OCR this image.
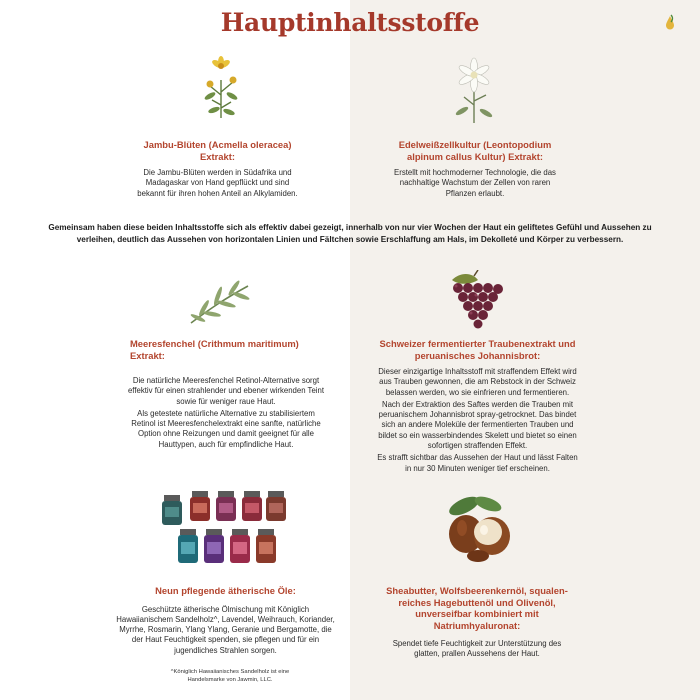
Hauptinhaltsstoffe
Jambu-Blüten (Acmella oleracea) Extrakt:
Die Jambu-Blüten werden in Südafrika und Madagaskar von Hand gepflückt und sind bekannt für ihren hohen Anteil an Alkylamiden.
Edelweißzellkultur (Leontopodium alpinum callus Kultur) Extrakt:
Erstellt mit hochmoderner Technologie, die das nachhaltige Wachstum der Zellen von raren Pflanzen erlaubt.
Gemeinsam haben diese beiden Inhaltsstoffe sich als effektiv dabei gezeigt, innerhalb von nur vier Wochen der Haut ein geliftetes Gefühl und Aussehen zu verleihen, deutlich das Aussehen von horizontalen Linien und Fältchen sowie Erschlaffung am Hals, im Dekolleté und Körper zu verbessern.
Meeresfenchel (Crithmum maritimum) Extrakt:
Die natürliche Meeresfenchel Retinol-Alternative sorgt effektiv für einen strahlender und ebener wirkenden Teint sowie für weniger raue Haut.
Als getestete natürliche Alternative zu stabilisiertem Retinol ist Meeresfenchelextrakt eine sanfte, natürliche Option ohne Reizungen und damit geeignet für alle Hauttypen, auch für empfindliche Haut.
Schweizer fermentierter Traubenextrakt und peruanisches Johannisbrot:
Dieser einzigartige Inhaltsstoff mit straffendem Effekt wird aus Trauben gewonnen, die am Rebstock in der Schweiz belassen werden, wo sie einfrieren und fermentieren.
Nach der Extraktion des Saftes werden die Trauben mit peruanischem Johannisbrot spray-getrocknet. Das bindet sich an andere Moleküle der fermentierten Trauben und bildet so ein wasserbindendes Skelett und bietet so einen sofortigen straffenden Effekt.
Es strafft sichtbar das Aussehen der Haut und lässt Falten in nur 30 Minuten weniger tief erscheinen.
Neun pflegende ätherische Öle:
Geschützte ätherische Ölmischung mit Königlich Hawaiianischem Sandelholz^, Lavendel, Weihrauch, Koriander, Myrrhe, Rosmarin, Ylang Ylang, Geranie und Bergamotte, die der Haut Feuchtigkeit spenden, sie pflegen und für ein jugendliches Strahlen sorgen.
^Königlich Hawaiianisches Sandelholz ist eine Handelsmarke von Jawmin, LLC.
Sheabutter, Wolfsbeerenkernöl, squalen-reiches Hagebuttenöl und Olivenöl, unverseifbar kombiniert mit Natriumhyaluronat:
Spendet tiefe Feuchtigkeit zur Unterstützung des glatten, prallen Aussehens der Haut.
